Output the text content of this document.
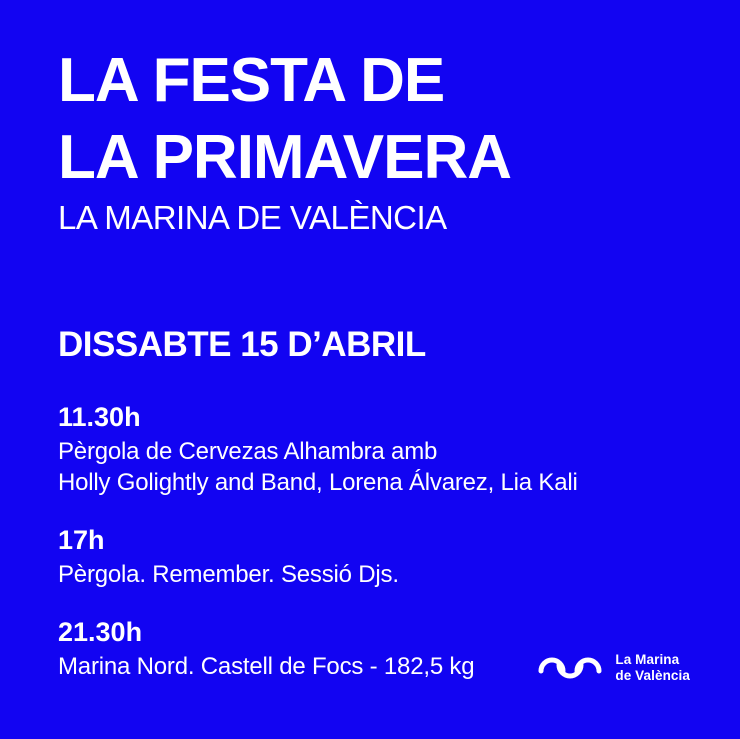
LA FESTA DE
LA PRIMAVERA

LA MARINA DE VALÈNCIA

DISSABTE 15 D’ABRIL
11.30h

Pèrgola de Cervezas Alhambra amb
Holly Golightly and Band, Lorena Álvarez, Lia Kali

17h

Pèrgola. Remember. Sessió Djs.

21.30h

Marina Nord. Castell de Focs - 182,5 kg	La Marina
de València
